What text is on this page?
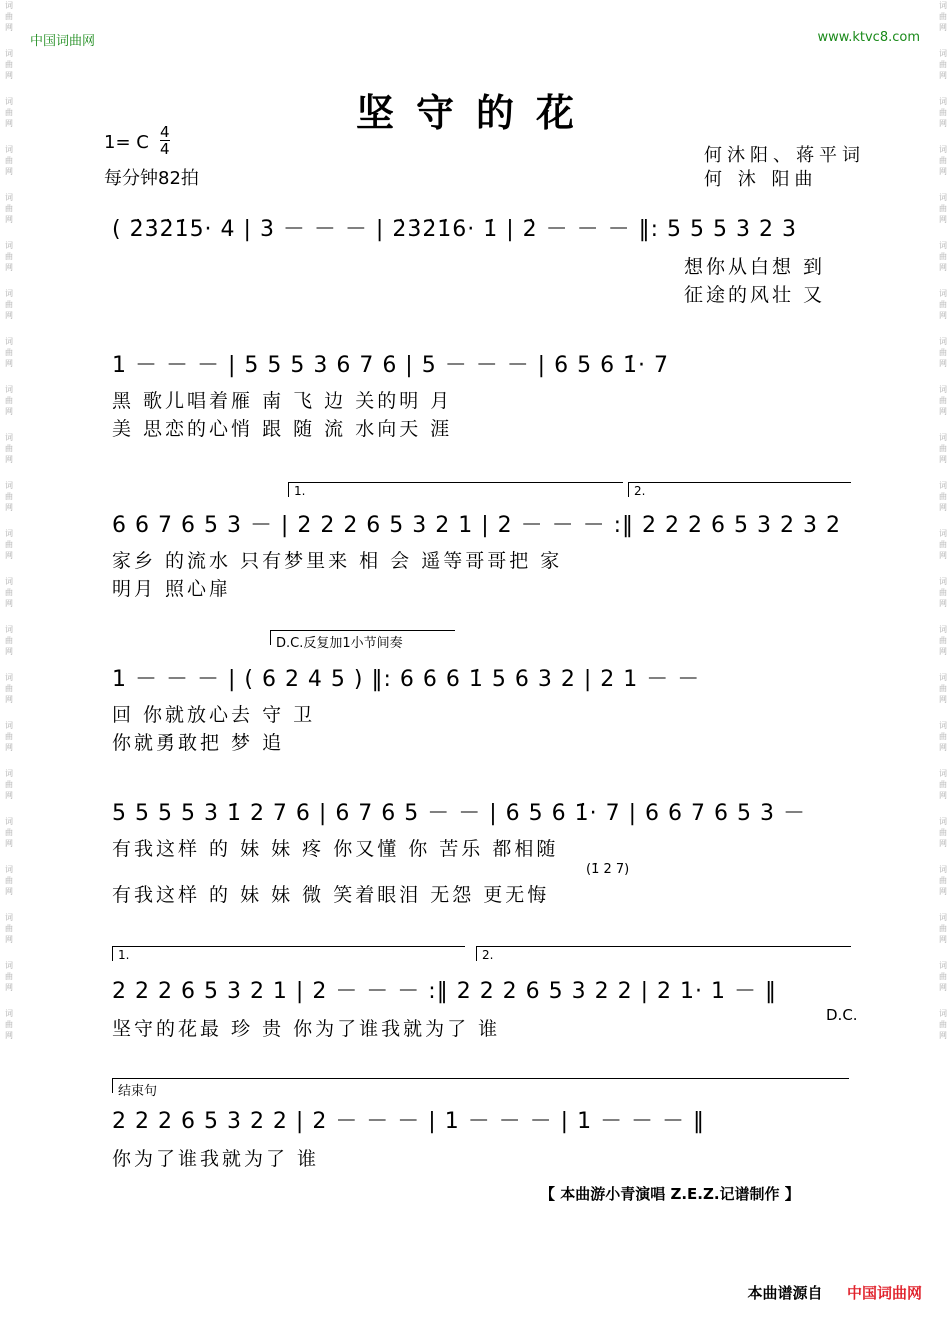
词
曲
网
词
曲
网
词
曲
网
词
曲
网
词
曲
网
词
曲
网
词
曲
网
词
曲
网
词
曲
网
词
曲
网
词
曲
网
词
曲
网
词
曲
网
词
曲
网
词
曲
网
词
曲
网
词
曲
网
词
曲
网
词
曲
网
词
曲
网
词
曲
网
词
曲
网
词
曲
网
词
曲
网
词
曲
网
词
曲
网
词
曲
网
词
曲
网
词
曲
网
词
曲
网
词
曲
网
词
曲
网
词
曲
网
词
曲
网
词
曲
网
词
曲
网
词
曲
网
词
曲
网
词
曲
网
词
曲
网
词
曲
网
词
曲
网
词
曲
网
词
曲
网
中国词曲网	www.ktvc8.com
坚守的花
1= C 4
4
每分钟82拍
何沐阳、蒋平词
何 沐 阳曲
( 2̇3̇2̇1̇5· 4 | 3 － － － | 2̇3̇2̇1̇6· 1̇ | 2̇ － － － ‖: 5 5 5 3 2 3
想你从白想 到
征途的风壮 又
1 － － － | 5 5 5 3 6 7 6 | 5 － － － | 6 5 6 1̇· 7
黑 歌儿唱着雁 南 飞 边 关的明 月
美 思恋的心悄 跟 随 流 水向天 涯
1.	2.
6 6 7 6 5 3 － | 2 2 2 6 5 3 2 1 | 2 － － － :‖ 2 2 2 6 5 3 2 3 2
家乡 的流水 只有梦里来 相 会 遥等哥哥把 家
明月 照心扉
D.C.反复加1小节间奏
1 － － － | ( 6 2 4 5 ) ‖: 6 6 6 1̇ 5 6 3 2 | 2 1 － －
回 你就放心去 守 卫
你就勇敢把 梦 追
5 5 5 5 3 1̇ 2 7 6 | 6 7 6 5 － － | 6 5 6 1̇· 7 | 6 6 7 6 5 3 －
有我这样 的 妹 妹 疼 你又懂 你 苦乐 都相随
(1̇ 2 7)
有我这样 的 妹 妹 微 笑着眼泪 无怨 更无悔
1.	2.
2 2 2 6 5 3 2 1 | 2 － － － :‖ 2 2 2 6 5 3 2 2 | 2 1· 1 － ‖
坚守的花最 珍 贵 你为了谁我就为了 谁
D.C.
结束句
2 2 2 6 5 3 2 2 | 2 － － － | 1 － － － | 1 － － － ‖
你为了谁我就为了 谁
【 本曲游小青演唱 Z.E.Z.记谱制作 】
本曲谱源自 中国词曲网
